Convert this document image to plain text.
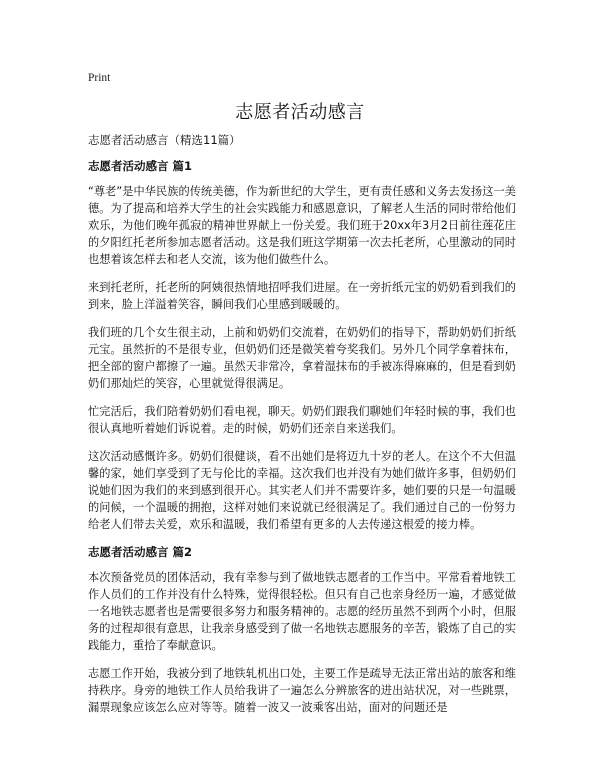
Print
志愿者活动感言

志愿者活动感言（精选11篇）

志愿者活动感言 篇1

“尊老”是中华民族的传统美德，作为新世纪的大学生，更有责任感和义务去发扬这一美德。为了提高和培养大学生的社会实践能力和感恩意识，了解老人生活的同时带给他们欢乐，为他们晚年孤寂的精神世界献上一份关爱。我们班于20xx年3月2日前往莲花庄的夕阳红托老所参加志愿者活动。这是我们班这学期第一次去托老所，心里激动的同时也想着该怎样去和老人交流，该为他们做些什么。

来到托老所，托老所的阿姨很热情地招呼我们进屋。在一旁折纸元宝的奶奶看到我们的到来，脸上洋溢着笑容，瞬间我们心里感到暖暖的。

我们班的几个女生很主动，上前和奶奶们交流着，在奶奶们的指导下，帮助奶奶们折纸元宝。虽然折的不是很专业，但奶奶们还是微笑着夸奖我们。另外几个同学拿着抹布，把全部的窗户都擦了一遍。虽然天非常冷，拿着湿抹布的手被冻得麻麻的，但是看到奶奶们那灿烂的笑容，心里就觉得很满足。

忙完活后，我们陪着奶奶们看电视，聊天。奶奶们跟我们聊她们年轻时候的事，我们也很认真地听着她们诉说着。走的时候，奶奶们还亲自来送我们。

这次活动感慨许多。奶奶们很健谈，看不出她们是将迈九十岁的老人。在这个不大但温馨的家，她们享受到了无与伦比的幸福。这次我们也并没有为她们做许多事，但奶奶们说她们因为我们的来到感到很开心。其实老人们并不需要许多，她们要的只是一句温暖的问候，一个温暖的拥抱，这样对她们来说就已经很满足了。我们通过自己的一份努力给老人们带去关爱，欢乐和温暖，我们希望有更多的人去传递这根爱的接力棒。

志愿者活动感言 篇2

本次预备党员的团体活动，我有幸参与到了做地铁志愿者的工作当中。平常看着地铁工作人员们的工作并没有什么特殊，觉得很轻松。但只有自己也亲身经历一遍，才感觉做一名地铁志愿者也是需要很多努力和服务精神的。志愿的经历虽然不到两个小时，但服务的过程却很有意思，让我亲身感受到了做一名地铁志愿服务的辛苦，锻炼了自己的实践能力，重拾了奉献意识。

志愿工作开始，我被分到了地铁轧机出口处，主要工作是疏导无法正常出站的旅客和维持秩序。身旁的地铁工作人员给我讲了一遍怎么分辨旅客的进出站状况，对一些跳票，漏票现象应该怎么应对等等。随着一波又一波乘客出站，面对的问题还是
